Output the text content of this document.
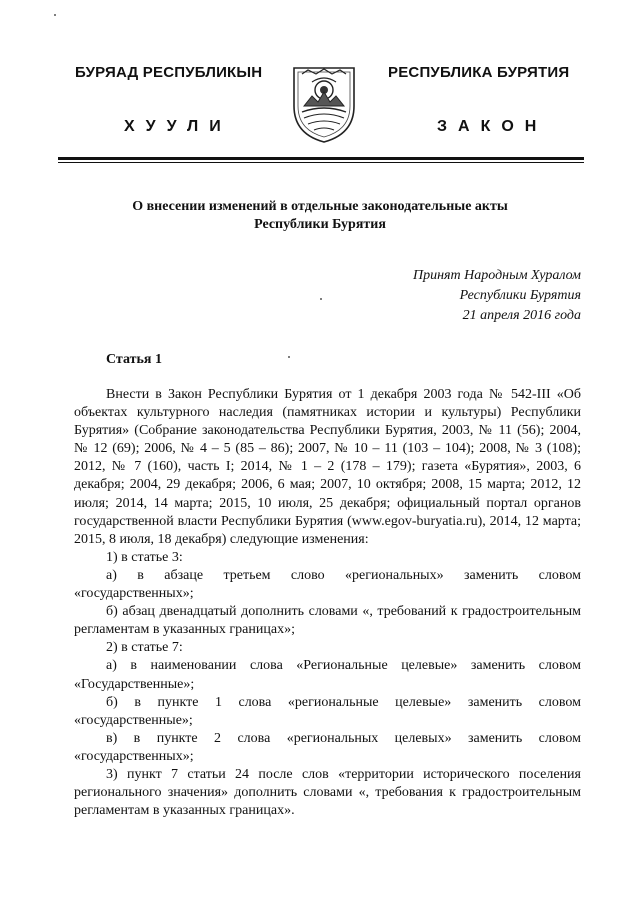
БУРЯАД РЕСПУБЛИКЫН	РЕСПУБЛИКА БУРЯТИЯ
ХУУЛИ	ЗАКОН
О внесении изменений в отдельные законодательные акты
Республики Бурятия
Принят Народным Хуралом
Республики Бурятия
21 апреля 2016 года
Статья 1

Внести в Закон Республики Бурятия от 1 декабря 2003 года № 542-III «Об объектах культурного наследия (памятниках истории и культуры) Республики Бурятия» (Собрание законодательства Республики Бурятия, 2003, № 11 (56); 2004, № 12 (69); 2006, № 4 – 5 (85 – 86); 2007, № 10 – 11 (103 – 104); 2008, № 3 (108); 2012, № 7 (160), часть I; 2014, № 1 – 2 (178 – 179); газета «Бурятия», 2003, 6 декабря; 2004, 29 декабря; 2006, 6 мая; 2007, 10 октября; 2008, 15 марта; 2012, 12 июля; 2014, 14 марта; 2015, 10 июля, 25 декабря; официальный портал органов государственной власти Республики Бурятия (www.egov-buryatia.ru), 2014, 12 марта; 2015, 8 июля, 18 декабря) следующие изменения:

1) в статье 3:

а) в абзаце третьем слово «региональных» заменить словом «государственных»;

б) абзац двенадцатый дополнить словами «, требований к градостроительным регламентам в указанных границах»;

2) в статье 7:

а) в наименовании слова «Региональные целевые» заменить словом «Государственные»;

б) в пункте 1 слова «региональные целевые» заменить словом «государственные»;

в) в пункте 2 слова «региональных целевых» заменить словом «государственных»;

3) пункт 7 статьи 24 после слов «территории исторического поселения регионального значения» дополнить словами «, требования к градостроительным регламентам в указанных границах».
